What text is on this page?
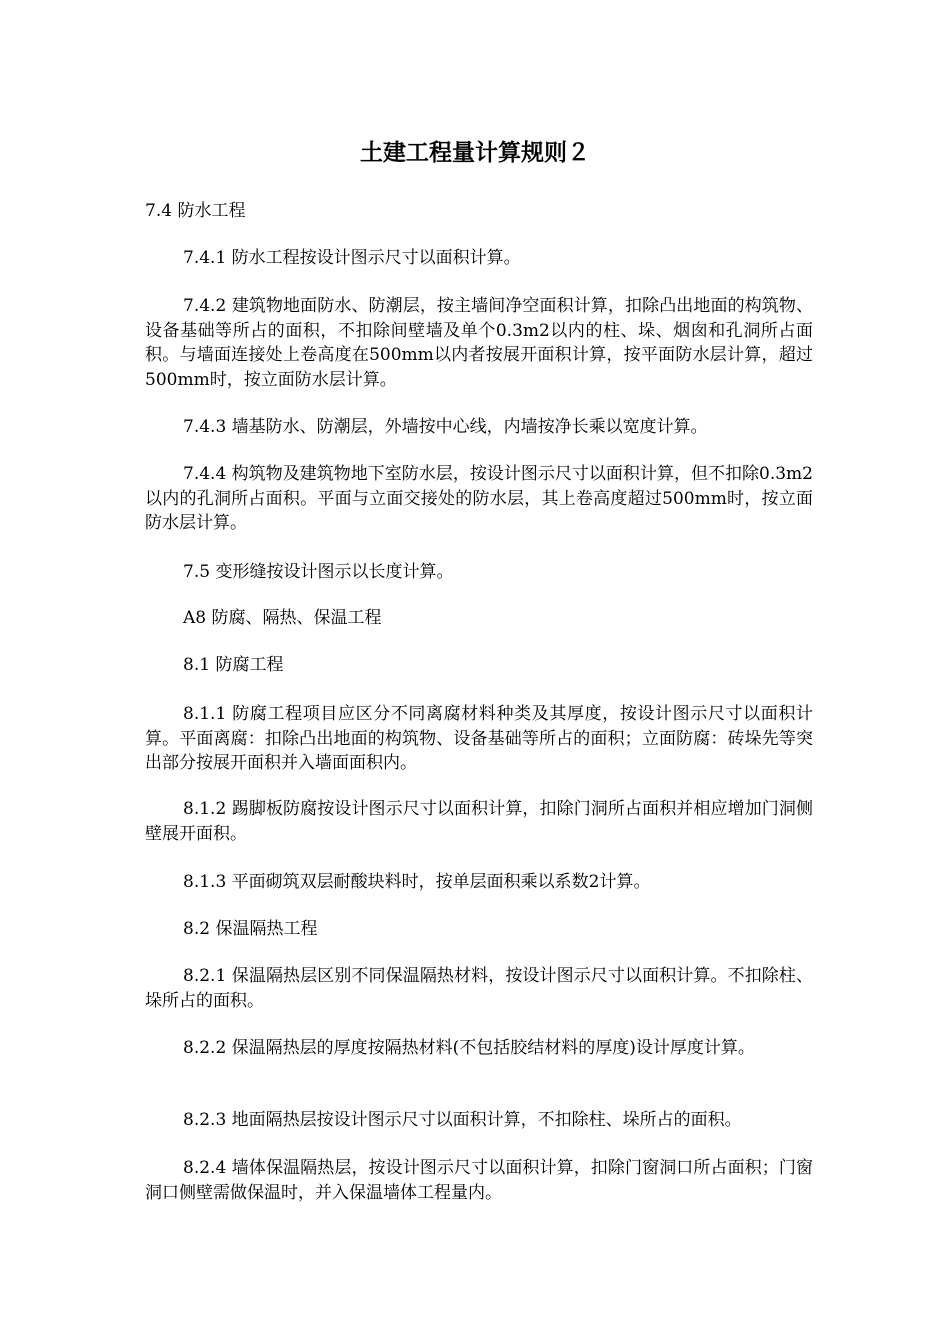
土建工程量计算规则２

7.4 防水工程

7.4.1 防水工程按设计图示尺寸以面积计算。

7.4.2 建筑物地面防水、防潮层，按主墙间净空面积计算，扣除凸出地面的构筑物、设备基础等所占的面积，不扣除间壁墙及单个0.3m2以内的柱、垛、烟囱和孔洞所占面积。与墙面连接处上卷高度在500mm以内者按展开面积计算，按平面防水层计算，超过500mm时，按立面防水层计算。

7.4.3 墙基防水、防潮层，外墙按中心线，内墙按净长乘以宽度计算。

7.4.4 构筑物及建筑物地下室防水层，按设计图示尺寸以面积计算，但不扣除0.3m2以内的孔洞所占面积。平面与立面交接处的防水层，其上卷高度超过500mm时，按立面防水层计算。

7.5 变形缝按设计图示以长度计算。

A8 防腐、隔热、保温工程

8.1 防腐工程

8.1.1 防腐工程项目应区分不同离腐材料种类及其厚度，按设计图示尺寸以面积计算。平面离腐：扣除凸出地面的构筑物、设备基础等所占的面积；立面防腐：砖垛先等突出部分按展开面积并入墙面面积内。

8.1.2 踢脚板防腐按设计图示尺寸以面积计算，扣除门洞所占面积并相应增加门洞侧壁展开面积。

8.1.3 平面砌筑双层耐酸块料时，按单层面积乘以系数2计算。

8.2 保温隔热工程

8.2.1 保温隔热层区别不同保温隔热材料，按设计图示尺寸以面积计算。不扣除柱、垛所占的面积。

8.2.2 保温隔热层的厚度按隔热材料(不包括胶结材料的厚度)设计厚度计算。

8.2.3 地面隔热层按设计图示尺寸以面积计算，不扣除柱、垛所占的面积。

8.2.4 墙体保温隔热层，按设计图示尺寸以面积计算，扣除门窗洞口所占面积；门窗洞口侧壁需做保温时，并入保温墙体工程量内。
